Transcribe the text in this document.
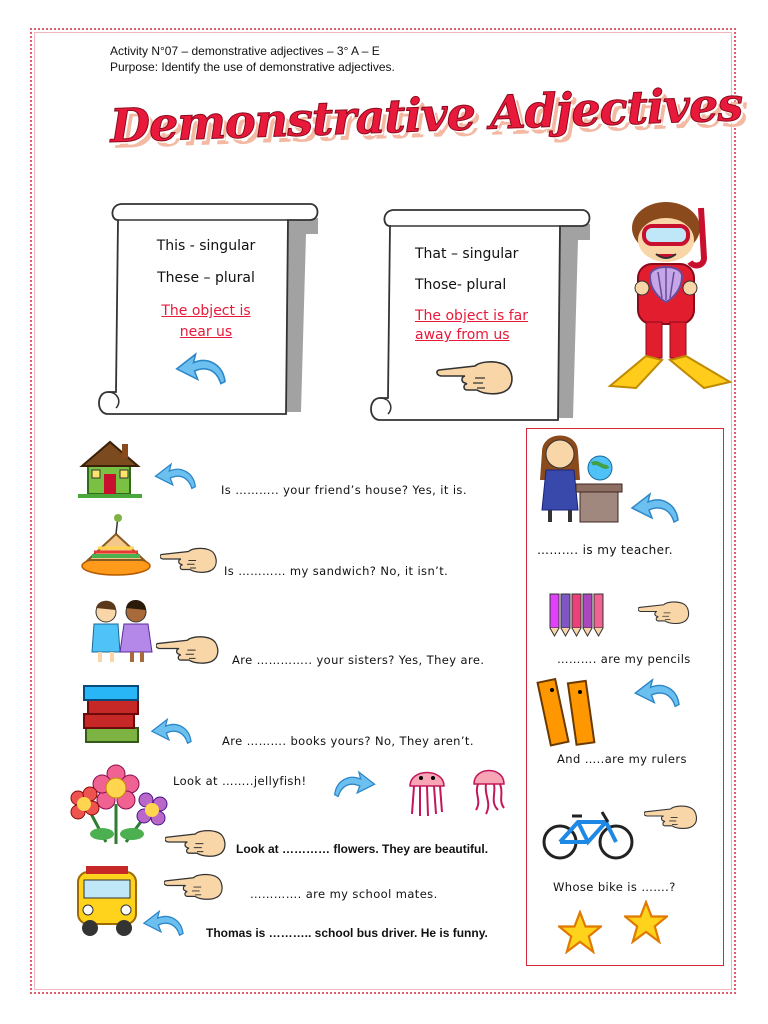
Activity N°07 – demonstrative adjectives – 3° A – E
Purpose: Identify the use of demonstrative adjectives.
Demonstrative Adjectives
This - singular
These – plural
The object is
near us
That – singular
Those- plural
The object is far
away from us
Is ……….. your friend’s house? Yes, it is.
Is ………… my sandwich? No, it isn’t.
Are ………….. your sisters? Yes, They are.
Are ………. books yours? No, They aren’t.
Look at ……..jellyfish!
Look at ………… flowers. They are beautiful.
…………. are my school mates.
Thomas is ……….. school bus driver. He is funny.
………. is my teacher.
………. are my pencils
And …..are my rulers
Whose bike is …….?
